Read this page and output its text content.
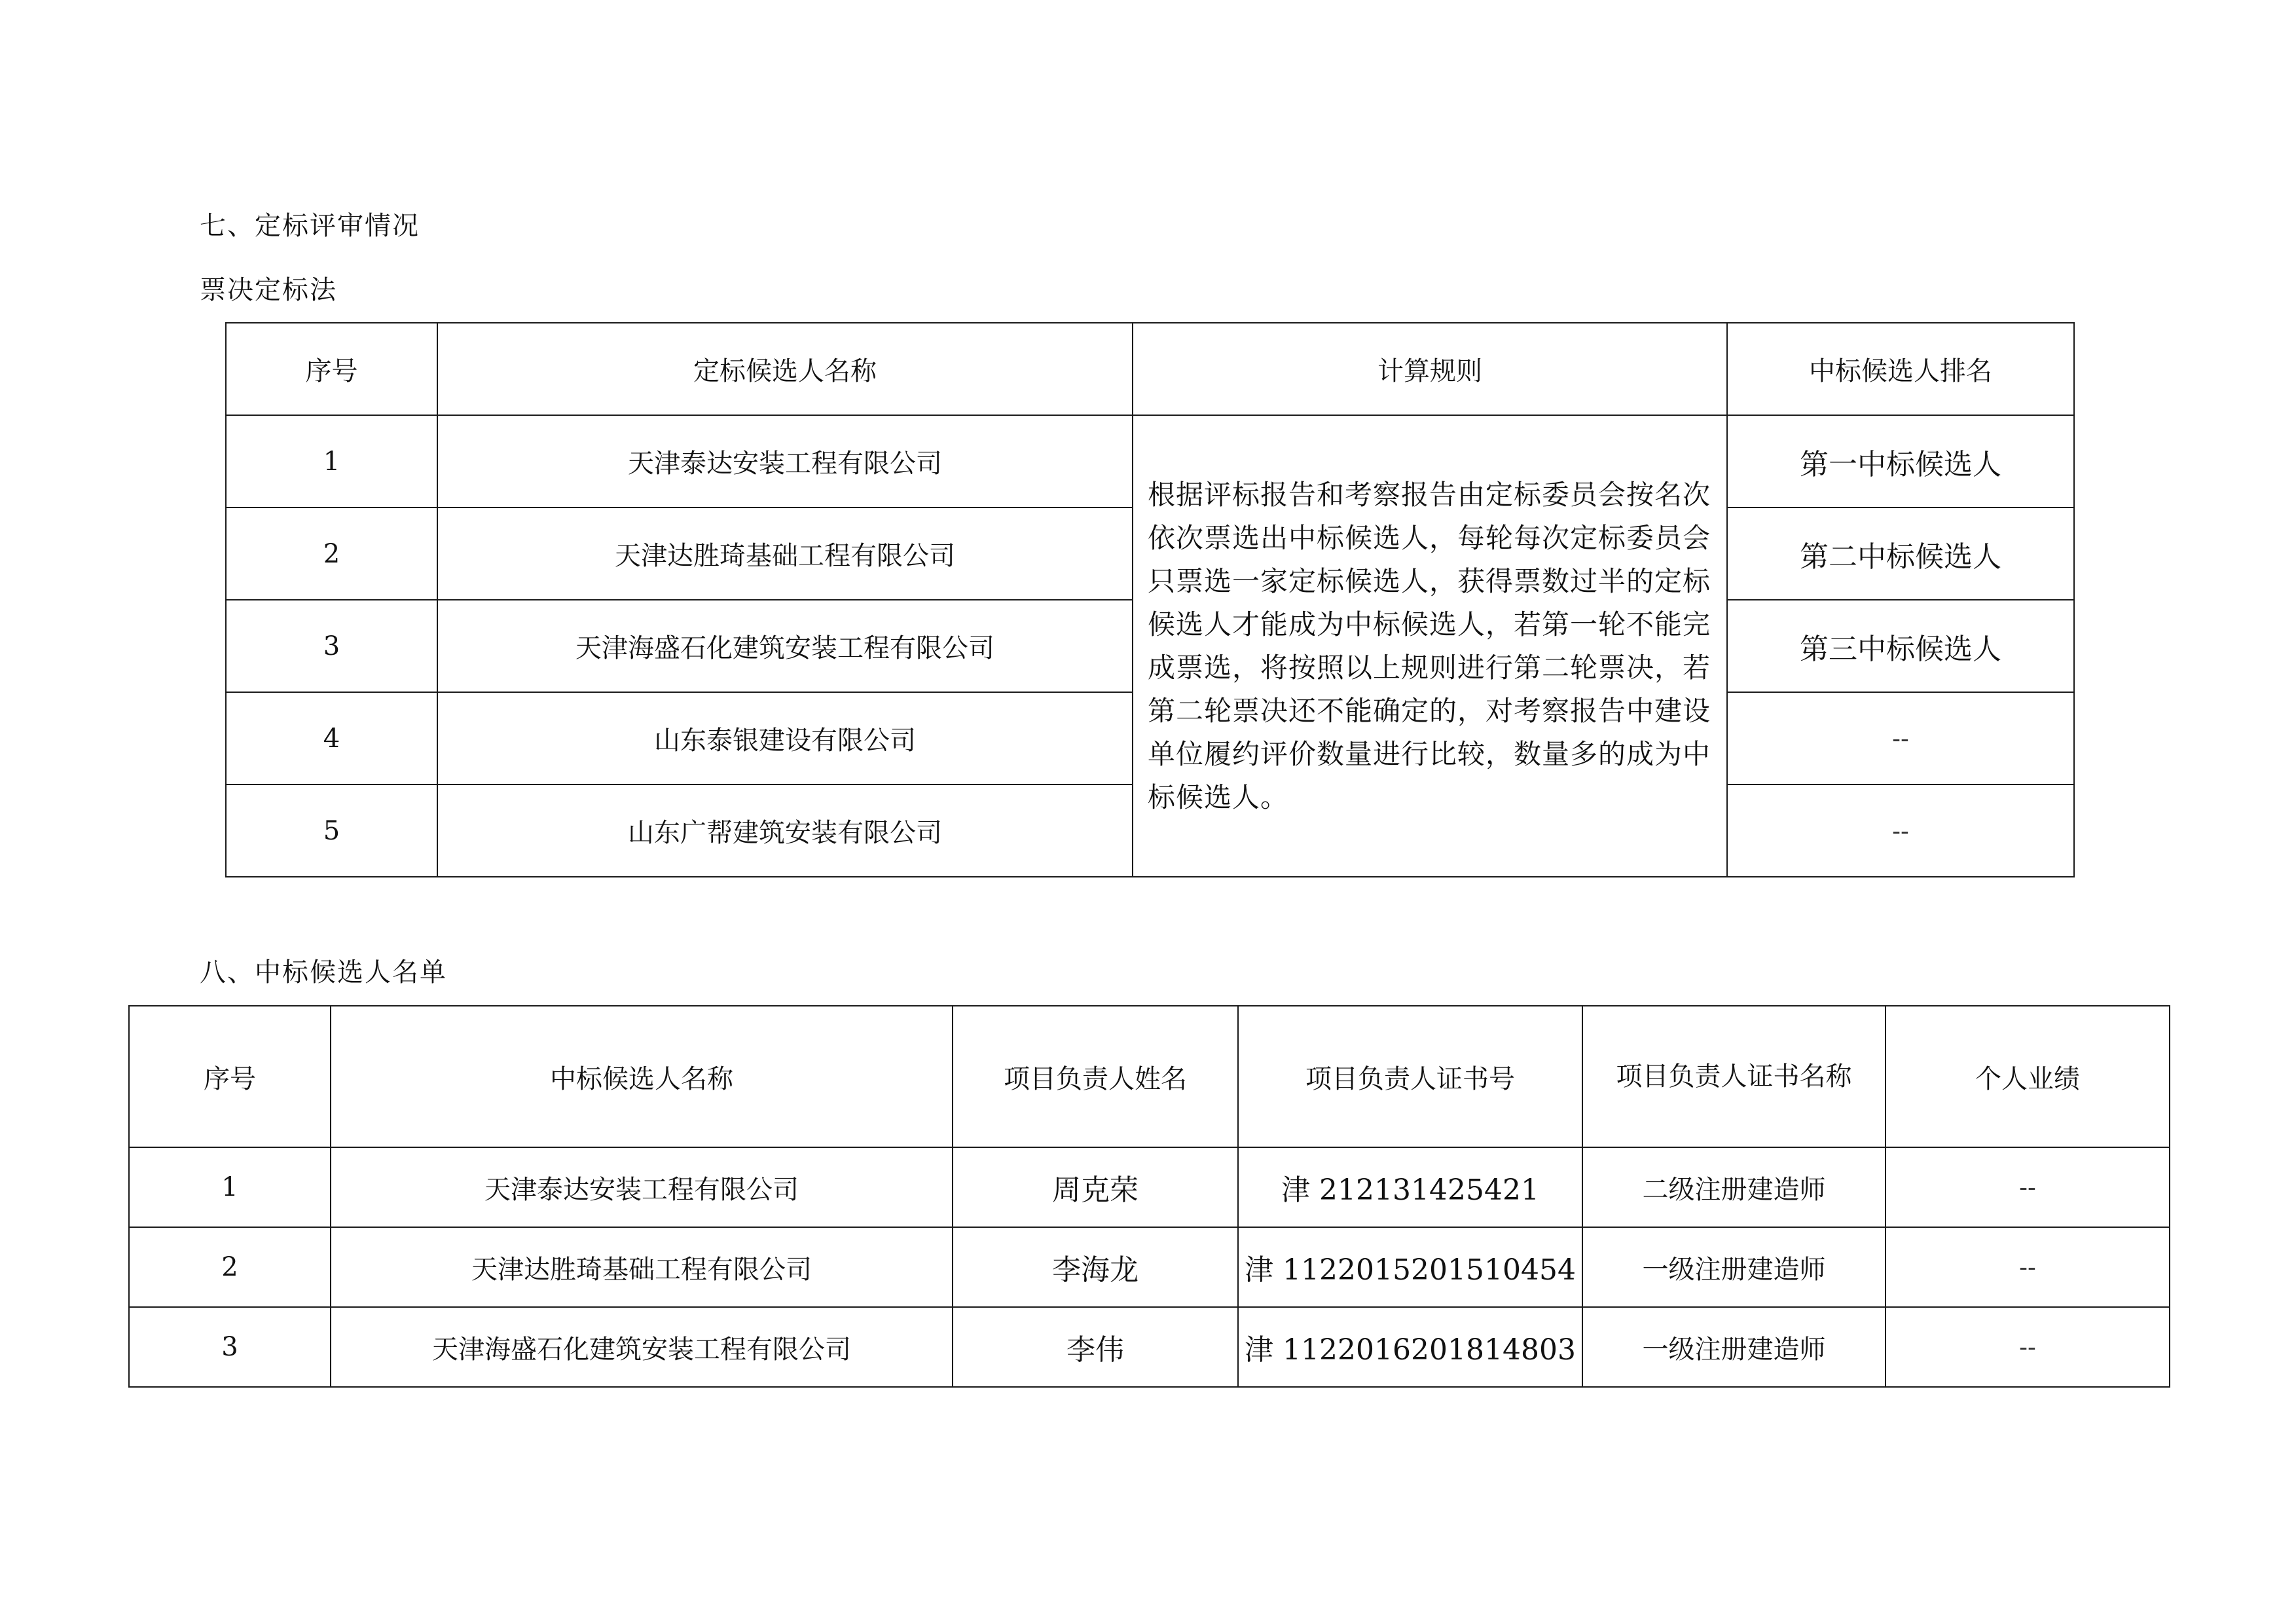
七、定标评审情况
票决定标法
序号	定标候选人名称	计算规则	中标候选人排名
1	天津泰达安装工程有限公司	根据评标报告和考察报告由定标委员会按名次依次票选出中标候选人，每轮每次定标委员会只票选一家定标候选人，获得票数过半的定标候选人才能成为中标候选人，若第一轮不能完成票选，将按照以上规则进行第二轮票决，若第二轮票决还不能确定的，对考察报告中建设单位履约评价数量进行比较，数量多的成为中标候选人。	第一中标候选人
2	天津达胜琦基础工程有限公司		第二中标候选人
3	天津海盛石化建筑安装工程有限公司		第三中标候选人
4	山东泰银建设有限公司		--
5	山东广帮建筑安装有限公司		--
八、中标候选人名单
序号	中标候选人名称	项目负责人姓名	项目负责人证书号	项目负责人证书名称	个人业绩
1	天津泰达安装工程有限公司	周克荣	津 212131425421	二级注册建造师	--
2	天津达胜琦基础工程有限公司	李海龙	津 1122015201510454	一级注册建造师	--
3	天津海盛石化建筑安装工程有限公司	李伟	津 1122016201814803	一级注册建造师	--
